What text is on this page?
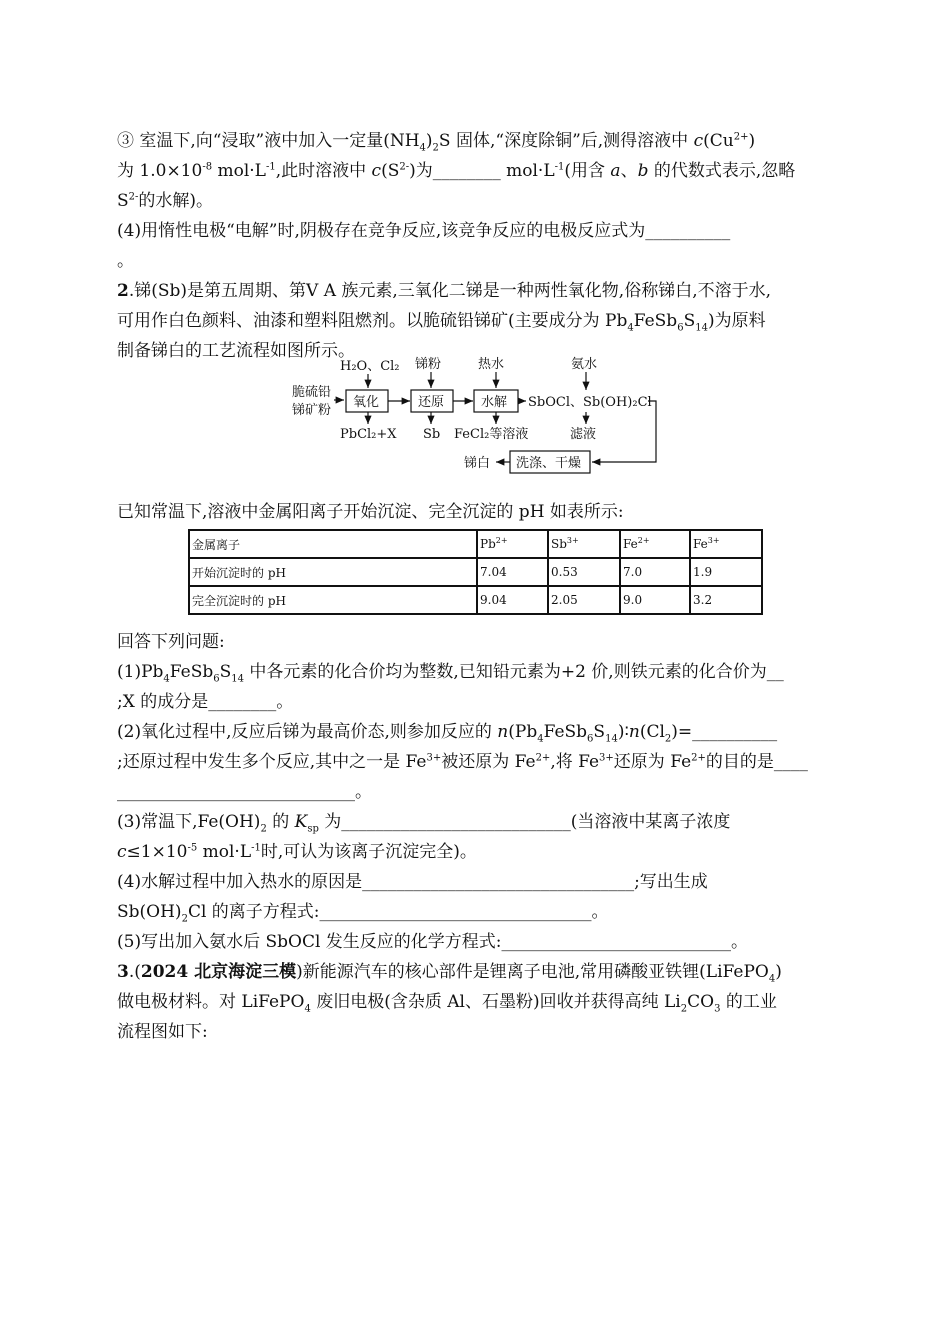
③ 室温下,向“浸取”液中加入一定量$(NH_4)_2S$ 固体,“深度除铜”后,测得溶液中 $c(Cu^{2+})$
为 $1.0\times 10^{-8}$ $mol\cdot L^{-1}$,此时溶液中 $c(S^{2-})$为________ $mol\cdot L^{-1}$(用含 a、b 的代数式表示,忽略
$S^{2-}$的水解)。
(4)用惰性电极“电解”时,阴极存在竞争反应,该竞争反应的电极反应式为__________
。
2.锑(Sb)是第五周期、第Ⅴ A 族元素,三氧化二锑是一种两性氧化物,俗称锑白,不溶于水,
可用作白色颜料、油漆和塑料阻燃剂。以脆硫铅锑矿(主要成分为 $Pb_4FeSb_6S_{14}$)为原料
制备锑白的工艺流程如图所示。
脆硫铅
锑矿粉
H₂O、Cl₂
氧化
PbCl₂+X
锑粉
还原
Sb
热水
水解
FeCl₂等溶液
SbOCl、Sb(OH)₂Cl
氨水
滤液
洗涤、干燥
锑白
已知常温下,溶液中金属阳离子开始沉淀、完全沉淀的 pH 如表所示:
金属离子	$Pb^{2+}$	$Sb^{3+}$	$Fe^{2+}$	$Fe^{3+}$
开始沉淀时的 pH	7.04	0.53	7.0	1.9
完全沉淀时的 pH	9.04	2.05	9.0	3.2
回答下列问题:
$(1)Pb_4FeSb_6S_{14}$ 中各元素的化合价均为整数,已知铅元素为+2 价,则铁元素的化合价为__
;X 的成分是________。
(2)氧化过程中,反应后锑为最高价态,则参加反应的 $n(Pb_4FeSb_6S_{14})∶n(Cl_2)=\_\_\_\_\_\_\_\_\_\_$
;还原过程中发生多个反应,其中之一是 $Fe^{3+}$被还原为 $Fe^{2+}$,将 $Fe^{3+}$还原为 $Fe^{2+}$的目的是____
____________________________。
(3)常温下$,Fe(OH)_2$ 的 $K_{sp}$ 为___________________________(当溶液中某离子浓度
$c\le 1\times 10^{-5}$ $mol\cdot L^{-1}$时,可认为该离子沉淀完全)。
(4)水解过程中加入热水的原因是________________________________;写出生成
$Sb(OH)_2Cl$ 的离子方程式:________________________________。
(5)写出加入氨水后 SbOCl 发生反应的化学方程式:___________________________。
3.(2024 北京海淀三模)新能源汽车的核心部件是锂离子电池,常用磷酸亚铁锂(LiFePO$_4$)
做电极材料。对 LiFePO$_4$ 废旧电极(含杂质 Al、石墨粉)回收并获得高纯 $Li_2CO_3$ 的工业
流程图如下:
